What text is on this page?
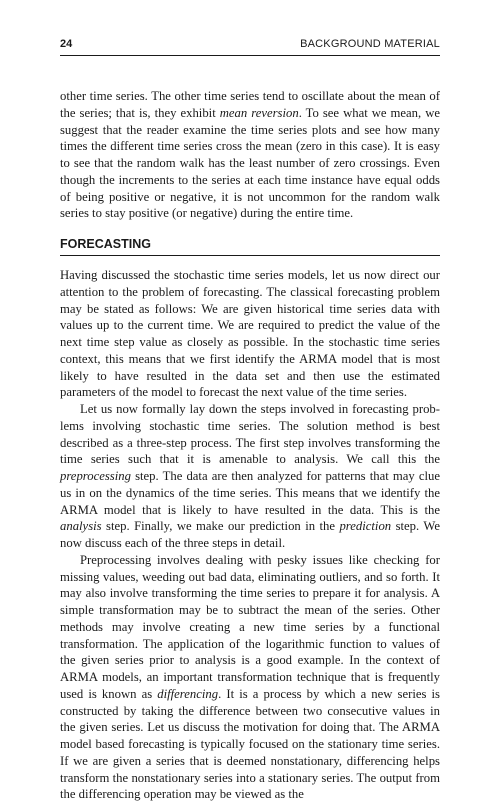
24	BACKGROUND MATERIAL

other time series. The other time series tend to oscillate about the mean of the series; that is, they exhibit mean reversion. To see what we mean, we suggest that the reader examine the time series plots and see how many times the different time series cross the mean (zero in this case). It is easy to see that the random walk has the least number of zero crossings. Even though the increments to the series at each time instance have equal odds of being positive or negative, it is not uncommon for the random walk series to stay positive (or negative) during the entire time.

FORECASTING

Having discussed the stochastic time series models, let us now direct our attention to the problem of forecasting. The classical forecasting problem may be stated as follows: We are given historical time series data with values up to the current time. We are required to predict the value of the next time step value as closely as possible. In the stochastic time series context, this means that we first identify the ARMA model that is most likely to have resulted in the data set and then use the estimated parameters of the model to forecast the next value of the time series.

Let us now formally lay down the steps involved in forecasting problems involving stochastic time series. The solution method is best described as a three-step process. The first step involves transforming the time series such that it is amenable to analysis. We call this the preprocessing step. The data are then analyzed for patterns that may clue us in on the dynamics of the time series. This means that we identify the ARMA model that is likely to have resulted in the data. This is the analysis step. Finally, we make our prediction in the prediction step. We now discuss each of the three steps in detail.

Preprocessing involves dealing with pesky issues like checking for missing values, weeding out bad data, eliminating outliers, and so forth. It may also involve transforming the time series to prepare it for analysis. A simple transformation may be to subtract the mean of the series. Other methods may involve creating a new time series by a functional transformation. The application of the logarithmic function to values of the given series prior to analysis is a good example. In the context of ARMA models, an important transformation technique that is frequently used is known as differencing. It is a process by which a new series is constructed by taking the difference between two consecutive values in the given series. Let us discuss the motivation for doing that. The ARMA model based forecasting is typically focused on the stationary time series. If we are given a series that is deemed nonstationary, differencing helps transform the nonstationary series into a stationary series. The output from the differencing operation may be viewed as the
